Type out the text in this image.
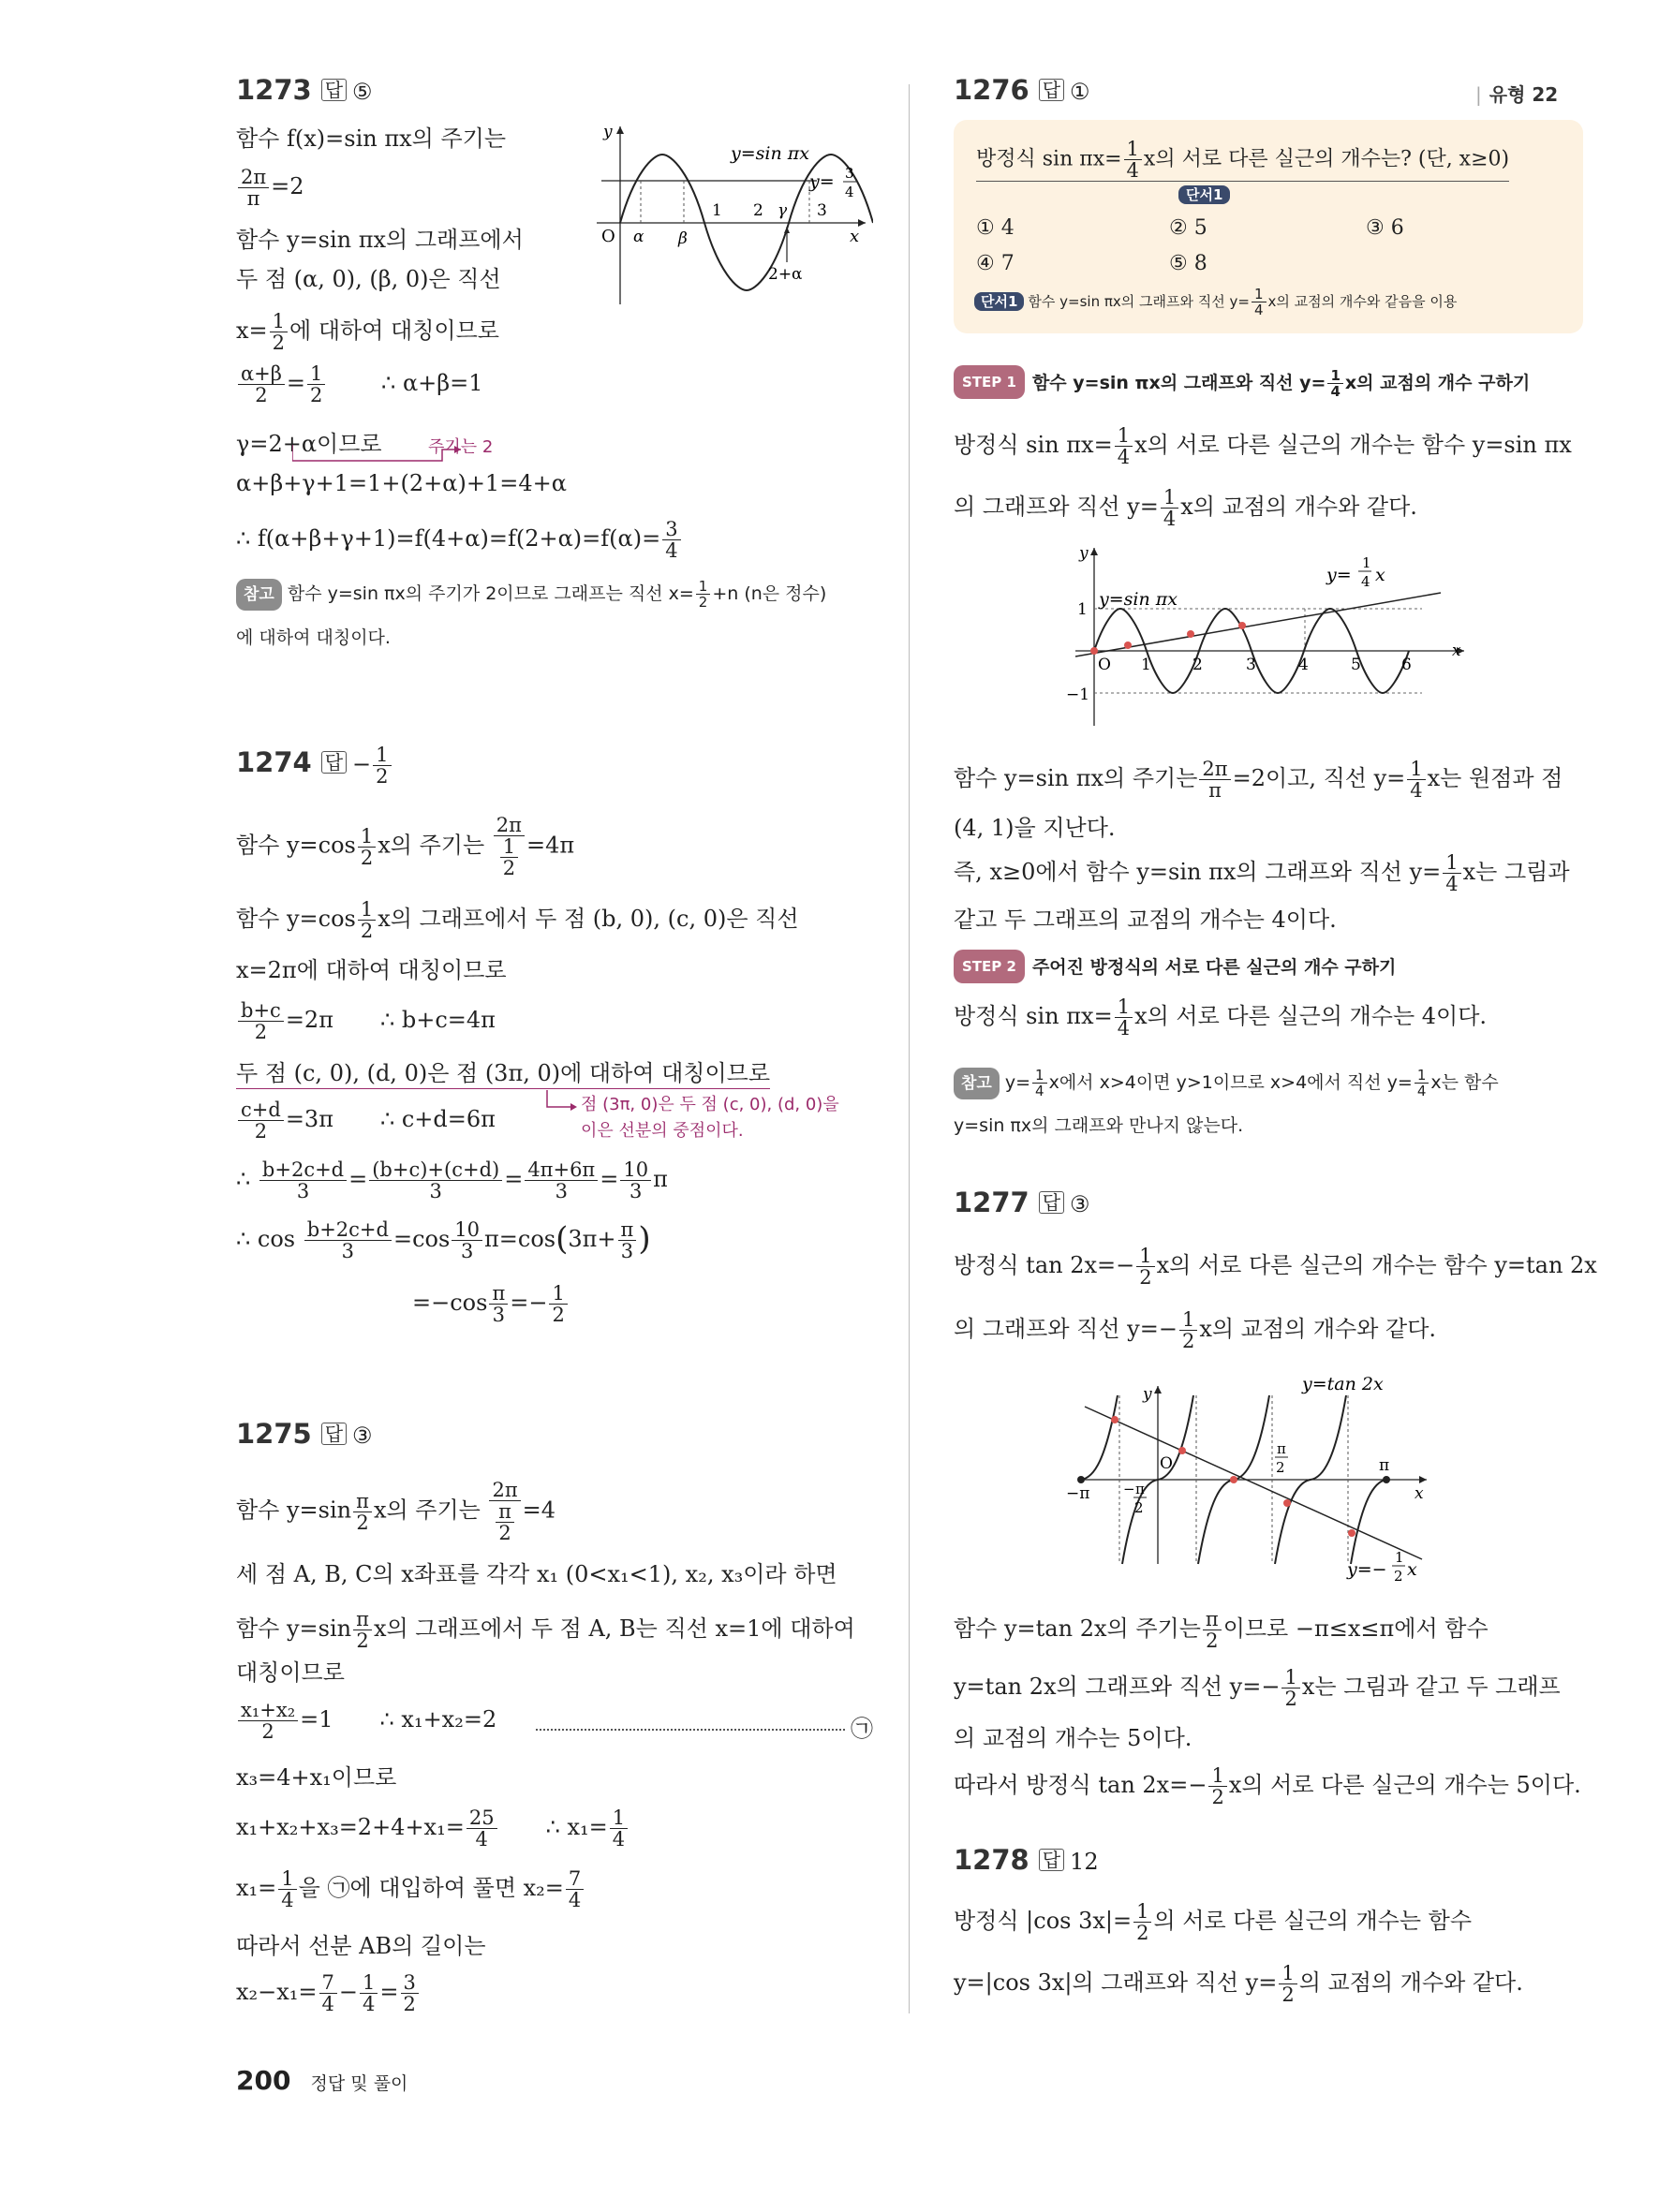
| 유형 22
1273 답 ⑤
함수 f(x)=sin πx의 주기는
$\frac{2\pi}{\pi} =2$
함수 y=sin πx의 그래프에서
두 점 (α, 0), (β, 0)은 직선
$x= \frac{1}{2}$ 에 대하여 대칭이므로
$\frac{\alpha+\beta}{2} = \frac{1}{2}$ ∴ α+β=1
γ=2+α이므로	주기는 2
α+β+γ+1=1+(2+α)+1=4+α
∴ $f(\alpha+\beta+\gamma+1)=f(4+\alpha)=f(2+\alpha)=f(\alpha)= \frac{3}{4}$
참고 함수 y=sin πx의 주기가 2이므로 그래프는 직선 $x= \frac{1}{2} +n$ (n은 정수)
에 대하여 대칭이다.
O α β
1 2 γ 3
2+α
x
y
y=sin πx
y= 3
4
1274 답 − $\frac{1}{2}$
함수 $y=\cos \frac{1}{2}$ x의 주기는 $\frac{2\pi}{\frac{1}{2}} =4\pi$
함수 $y=\cos \frac{1}{2}$ x의 그래프에서 두 점 (b, 0), (c, 0)은 직선
x=2π에 대하여 대칭이므로
$\frac{b+c}{2} =2\pi$ ∴ b+c=4π
두 점 (c, 0), (d, 0)은 점 (3π, 0)에 대하여 대칭이므로
$\frac{c+d}{2} =3\pi$ ∴ c+d=6π
점 (3π, 0)은 두 점 (c, 0), (d, 0)을
이은 선분의 중점이다.
∴ $\frac{b+2c+d}{3} = \frac{(b+c)+(c+d)}{3} = \frac{4\pi+6\pi}{3} = \frac{10}{3}$ π
∴ $\cos \frac{b+2c+d}{3} =\cos \frac{10}{3} \pi=\cos(3\pi+ \frac{\pi}{3}$ )
$=-\cos \frac{\pi}{3} =- \frac{1}{2}$
1275 답 ③
함수 $y=\sin \frac{\pi}{2}$ x의 주기는 $\frac{2\pi}{\frac{\pi}{2}} =4$
세 점 A, B, C의 x좌표를 각각 x₁ (0<x₁<1), x₂, x₃이라 하면
함수 $y=\sin \frac{\pi}{2}$ x의 그래프에서 두 점 A, B는 직선 x=1에 대하여
대칭이므로
$\frac{\text{x₁+x₂}}{2} =1$ ∴ x₁+x₂=2	㉠
x₃=4+x₁이므로
$x_1+x_2+x_3=2+4+x_1= \frac{25}{4}$ ∴ $x_1= \frac{1}{4}$
$x_1= \frac{1}{4}$ 을 ㉠에 대입하여 풀면 $x_2= \frac{7}{4}$
따라서 선분 AB의 길이는
$x_2-x_1= \frac{7}{4} - \frac{1}{4} = \frac{3}{2}$
1276 답 ①
방정식 $\sin \pi x= \frac{1}{4}$ x의 서로 다른 실근의 개수는? (단, x≥0)
단서1
① 4	② 5	③ 6
④ 7	⑤ 8
단서1 함수 y=sin πx의 그래프와 직선 $y= \frac{1}{4}$ x의 교점의 개수와 같음을 이용
STEP 1 함수 y=sin πx의 그래프와 직선 $y= \frac{1}{4}$ x의 교점의 개수 구하기
방정식 $\sin \pi x= \frac{1}{4}$ x의 서로 다른 실근의 개수는 함수 y=sin πx
의 그래프와 직선 $y= \frac{1}{4}$ x의 교점의 개수와 같다.
O 1	2	3	4	5	6
1
−1
x
y
y=sin πx
y=
1
4 x
함수 y=sin πx의 주기는 $\frac{2\pi}{\pi} =2$이고, 직선 $y= \frac{1}{4}$ x는 원점과 점
(4, 1)을 지난다.
즉, x≥0에서 함수 y=sin πx의 그래프와 직선 $y= \frac{1}{4}$ x는 그림과
같고 두 그래프의 교점의 개수는 4이다.
STEP 2 주어진 방정식의 서로 다른 실근의 개수 구하기
방정식 $\sin \pi x= \frac{1}{4}$ x의 서로 다른 실근의 개수는 4이다.
참고 $y= \frac{1}{4}$ x에서 x>4이면 y>1이므로 x>4에서 직선 $y= \frac{1}{4}$ x는 함수
y=sin πx의 그래프와 만나지 않는다.
1277 답 ③
방정식 $\tan 2x=- \frac{1}{2}$ x의 서로 다른 실근의 개수는 함수 y=tan 2x
의 그래프와 직선 $y=- \frac{1}{2}$ x의 교점의 개수와 같다.
−π
π
O
x
y
− π
2
π
2
y=tan 2x
y=−
1
2 x
함수 y=tan 2x의 주기는 $\frac{\pi}{2}$ 이므로 −π≤x≤π에서 함수
y=tan 2x의 그래프와 직선 $y=- \frac{1}{2}$ x는 그림과 같고 두 그래프
의 교점의 개수는 5이다.
따라서 방정식 $\tan 2x=- \frac{1}{2}$ x의 서로 다른 실근의 개수는 5이다.
1278 답 12
방정식 |cos $3x|= \frac{1}{2}$ 의 서로 다른 실근의 개수는 함수
y=|cos 3x|의 그래프와 직선 $y= \frac{1}{2}$ 의 교점의 개수와 같다.
200 정답 및 풀이
